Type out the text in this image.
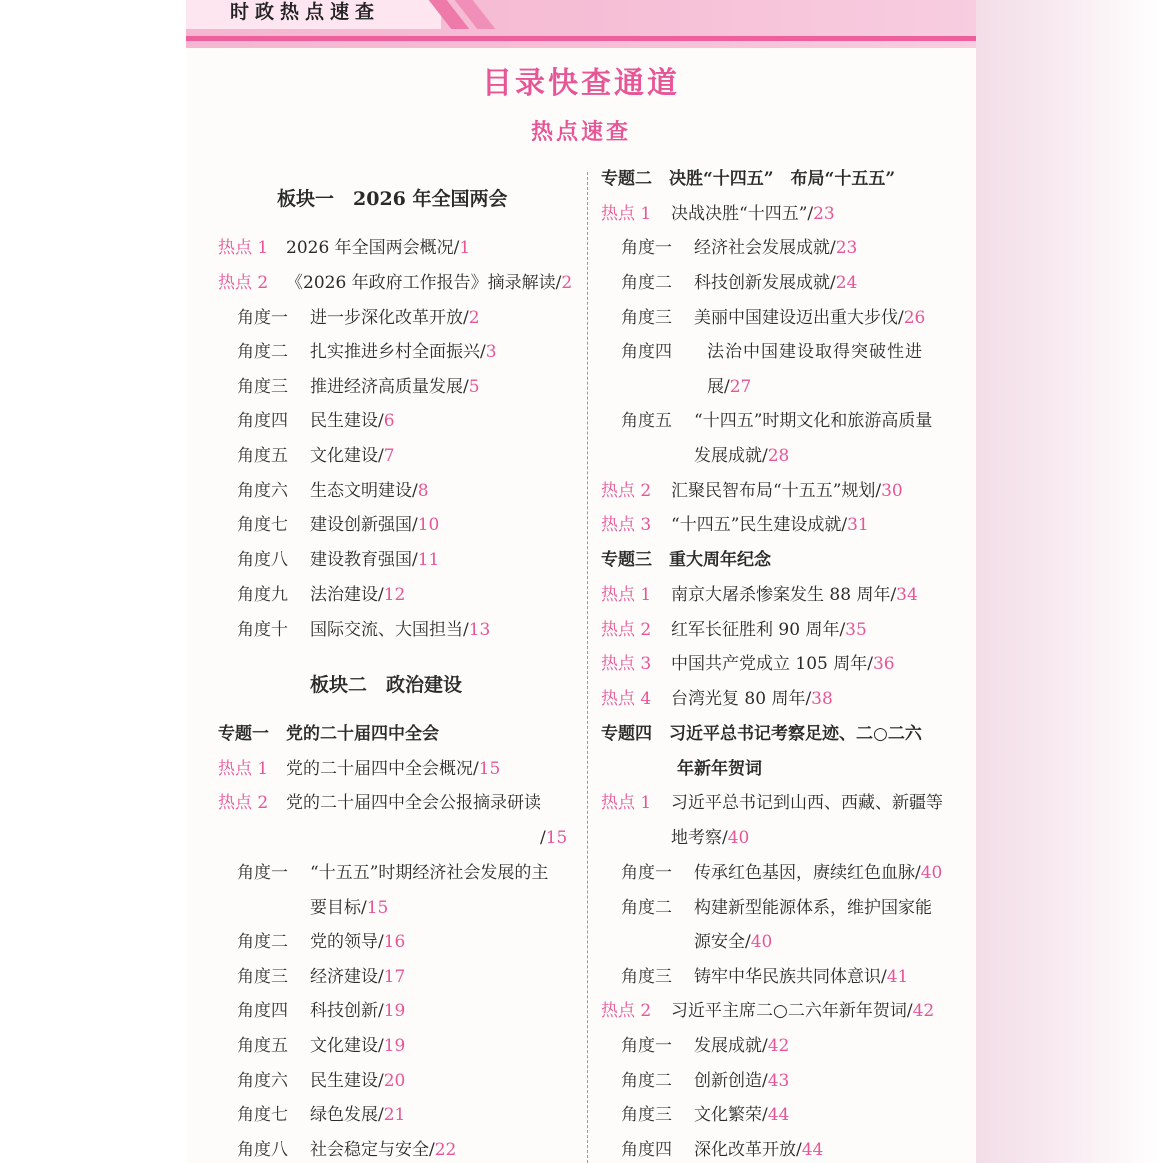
时政热点速查
目录快查通道
热点速查
板块一　2026 年全国两会
热点 1 2026 年全国两会概况/1
热点 2 《2026 年政府工作报告》摘录解读/2
角度一 进一步深化改革开放/2
角度二 扎实推进乡村全面振兴/3
角度三 推进经济高质量发展/5
角度四 民生建设/6
角度五 文化建设/7
角度六 生态文明建设/8
角度七 建设创新强国/10
角度八 建设教育强国/11
角度九 法治建设/12
角度十 国际交流、大国担当/13
板块二　政治建设
专题一　党的二十届四中全会
热点 1 党的二十届四中全会概况/15
热点 2 党的二十届四中全会公报摘录研读
/15
角度一 “十五五”时期经济社会发展的主
要目标/15
角度二 党的领导/16
角度三 经济建设/17
角度四 科技创新/19
角度五 文化建设/19
角度六 民生建设/20
角度七 绿色发展/21
角度八 社会稳定与安全/22
专题二　决胜“十四五”　布局“十五五”
热点 1 决战决胜“十四五”/23
角度一 经济社会发展成就/23
角度二 科技创新发展成就/24
角度三 美丽中国建设迈出重大步伐/26
角度四 法治中国建设取得突破性进
展/27
角度五 “十四五”时期文化和旅游高质量
发展成就/28
热点 2 汇聚民智布局“十五五”规划/30
热点 3 “十四五”民生建设成就/31
专题三　重大周年纪念
热点 1 南京大屠杀惨案发生 88 周年/34
热点 2 红军长征胜利 90 周年/35
热点 3 中国共产党成立 105 周年/36
热点 4 台湾光复 80 周年/38
专题四　习近平总书记考察足迹、二○二六
年新年贺词
热点 1 习近平总书记到山西、西藏、新疆等
地考察/40
角度一 传承红色基因，赓续红色血脉/40
角度二 构建新型能源体系，维护国家能
源安全/40
角度三 铸牢中华民族共同体意识/41
热点 2 习近平主席二○二六年新年贺词/42
角度一 发展成就/42
角度二 创新创造/43
角度三 文化繁荣/44
角度四 深化改革开放/44
